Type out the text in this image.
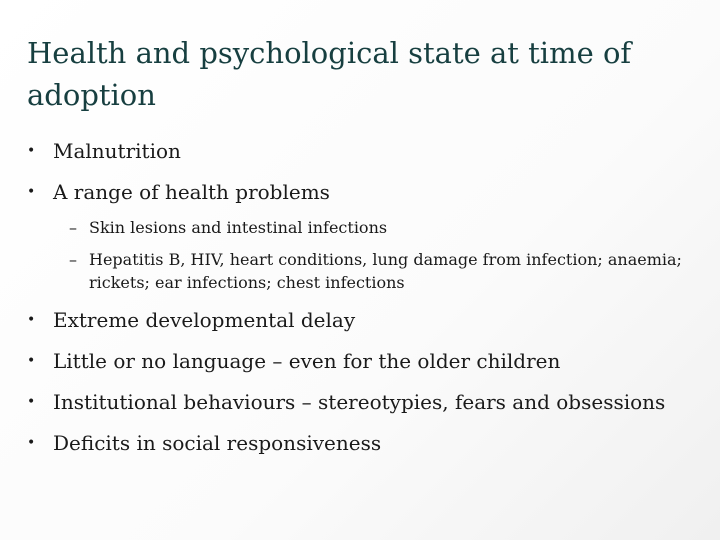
Health and psychological state at time of adoption
• Malnutrition
• A range of health problems
– Skin lesions and intestinal infections
– Hepatitis B, HIV, heart conditions, lung damage from infection; anaemia; rickets; ear infections; chest infections
• Extreme developmental delay
• Little or no language – even for the older children
• Institutional behaviours – stereotypies, fears and obsessions
• Deficits in social responsiveness
